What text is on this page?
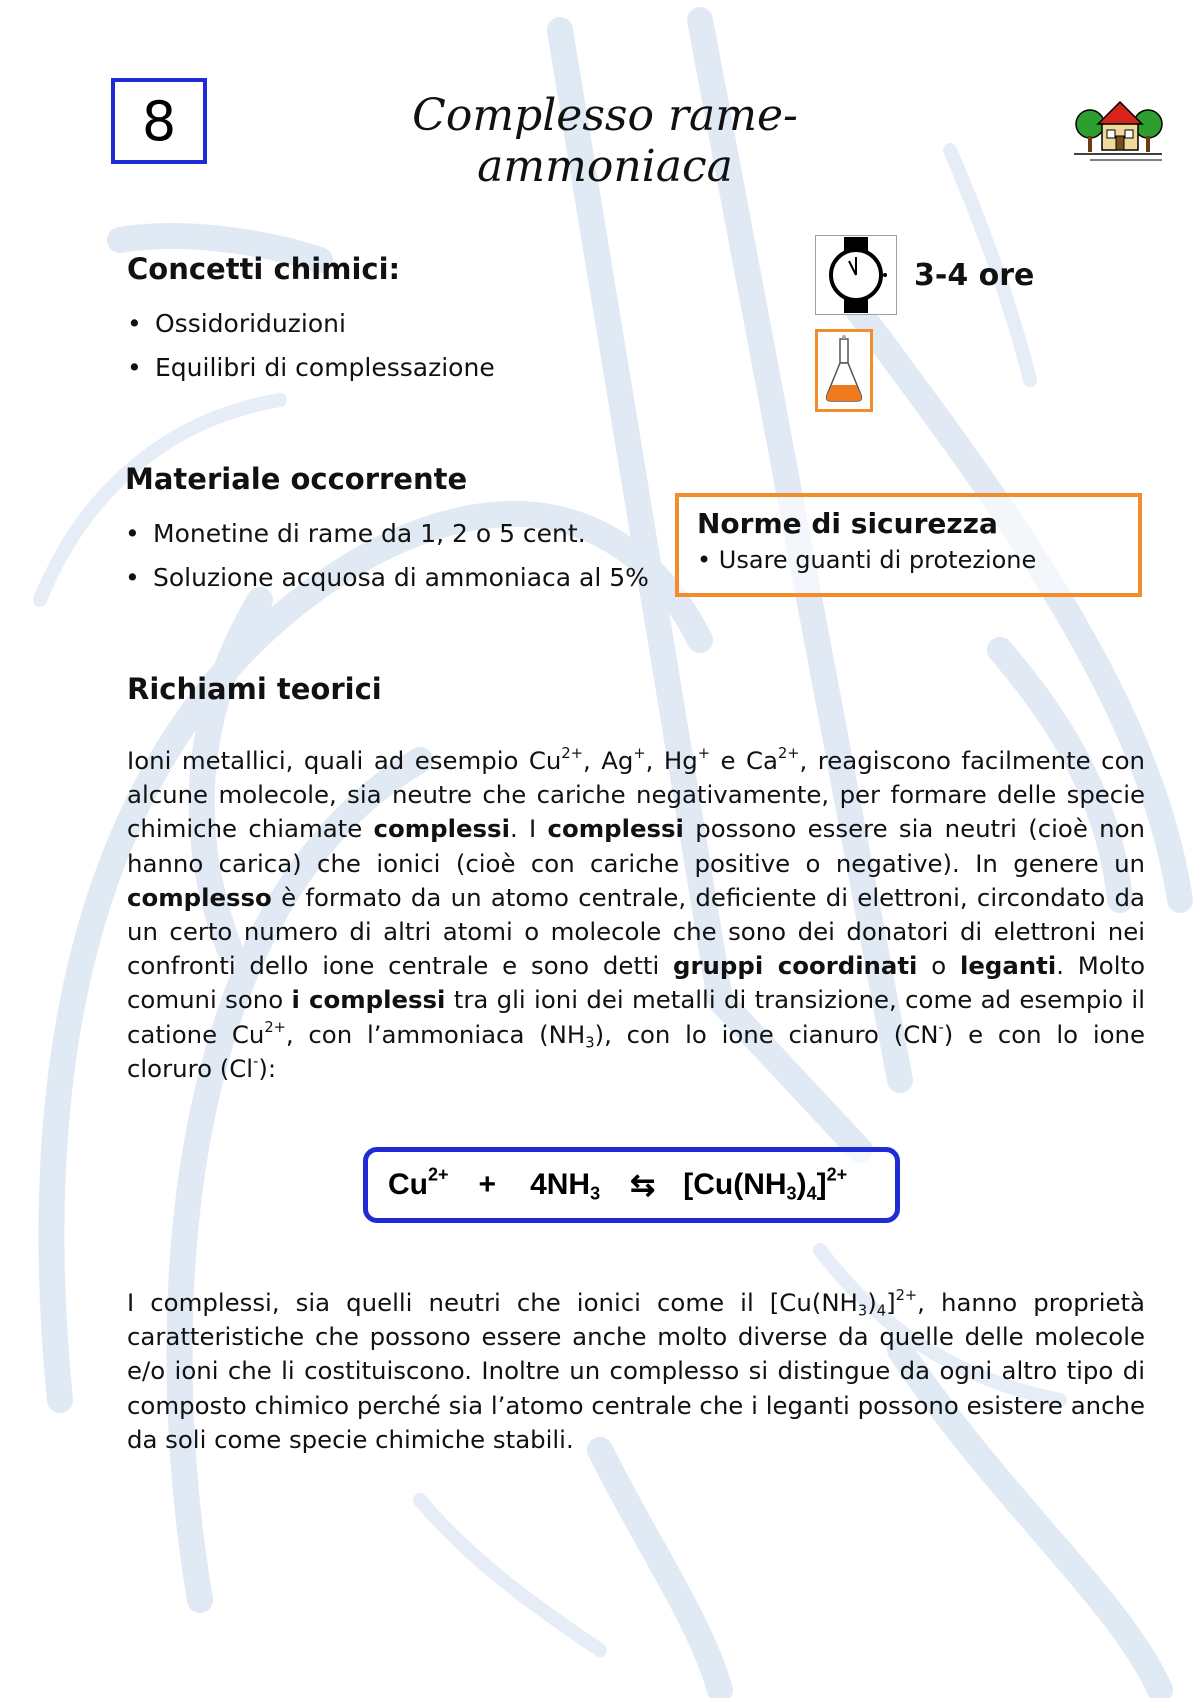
8	Complesso rame-ammoniaca
Concetti chimici:
• Ossidoriduzioni
• Equilibri di complessazione
3-4 ore
Materiale occorrente
• Monetine di rame da 1, 2 o 5 cent.
• Soluzione acquosa di ammoniaca al 5%
Norme di sicurezza
• Usare guanti di protezione
Richiami teorici
Ioni metallici, quali ad esempio $Cu^{2+}$, Ag+, Hg+ e $Ca^{2+}$, reagiscono facilmente con alcune molecole, sia neutre che cariche negativamente, per formare delle specie chimiche chiamate complessi. I complessi possono essere sia neutri (cioè non hanno carica) che ionici (cioè con cariche positive o negative). In genere un complesso è formato da un atomo centrale, deficiente di elettroni, circondato da un certo numero di altri atomi o molecole che sono dei donatori di elettroni nei confronti dello ione centrale e sono detti gruppi coordinati o leganti. Molto comuni sono i complessi tra gli ioni dei metalli di transizione, come ad esempio il catione $Cu^{2+}$, con l’ammoniaca $(NH_3)$, con lo ione cianuro (CN-) e con lo ione cloruro (Cl-):
$Cu^{2+} + 4NH_3$ ⇆ $[Cu(NH_3)_4]^{2+}$
I complessi, sia quelli neutri che ionici come il $[Cu(NH_3)_4]^{2+}$, hanno proprietà caratteristiche che possono essere anche molto diverse da quelle delle molecole e/o ioni che li costituiscono. Inoltre un complesso si distingue da ogni altro tipo di composto chimico perché sia l’atomo centrale che i leganti possono esistere anche da soli come specie chimiche stabili.
